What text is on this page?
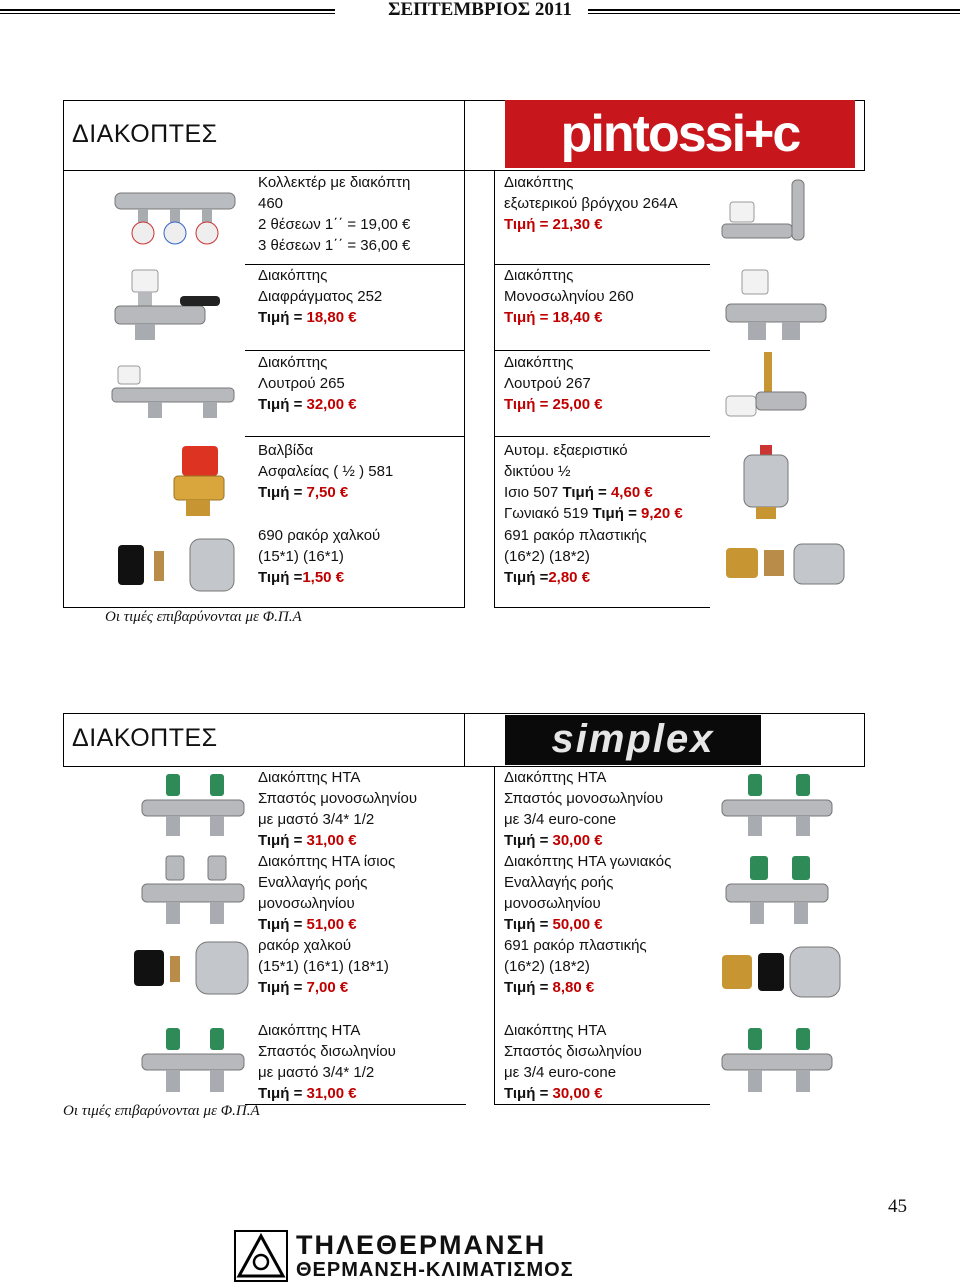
ΣΕΠΤΕΜΒΡΙΟΣ 2011
ΔΙΑΚΟΠΤΕΣ	pintossi+c
Κολλεκτέρ με διακόπτη
460
2 θέσεων 1΄΄ = 19,00 €
3 θέσεων 1΄΄ = 36,00 €
Διακόπτης
Διαφράγματος 252
Τιμή = 18,80 €
Διακόπτης
Λουτρού 265
Τιμή = 32,00 €
Βαλβίδα
Ασφαλείας ( ½ ) 581
Τιμή = 7,50 €
690 ρακόρ χαλκού
(15*1) (16*1)
Τιμή =1,50 €
Διακόπτης
εξωτερικού βρόγχου 264Α
Τιμή = 21,30 €
Διακόπτης
Μονοσωληνίου 260
Τιμή = 18,40 €
Διακόπτης
Λουτρού 267
Τιμή = 25,00 €
Αυτομ. εξαεριστικό
δικτύου ½
Ισιο 507 Τιμή = 4,60 €
Γωνιακό 519 Τιμή = 9,20 €
691 ρακόρ πλαστικής
(16*2) (18*2)
Τιμή =2,80 €
Οι τιμές επιβαρύνονται με Φ.Π.Α
ΔΙΑΚΟΠΤΕΣ	simplex
Διακόπτης ΗΤΑ
Σπαστός μονοσωληνίου
με μαστό 3/4* 1/2
Τιμή = 31,00 €
Διακόπτης ΗΤΑ ίσιος
Εναλλαγής ροής
μονοσωληνίου
Τιμή = 51,00 €
ρακόρ χαλκού
(15*1) (16*1) (18*1)
Τιμή = 7,00 €
Διακόπτης ΗΤΑ
Σπαστός δισωληνίου
με μαστό 3/4* 1/2
Τιμή = 31,00 €
Διακόπτης ΗΤΑ
Σπαστός μονοσωληνίου
με 3/4 euro-cone
Τιμή = 30,00 €
Διακόπτης ΗΤΑ γωνιακός
Εναλλαγής ροής
μονοσωληνίου
Τιμή = 50,00 €
691 ρακόρ πλαστικής
(16*2) (18*2)
Τιμή = 8,80 €
Διακόπτης ΗΤΑ
Σπαστός δισωληνίου
με 3/4 euro-cone
Τιμή = 30,00 €
Οι τιμές επιβαρύνονται με Φ.Π.Α
45
ΤΗΛΕΘΕΡΜΑΝΣΗ
ΘΕΡΜΑΝΣΗ-ΚΛΙΜΑΤΙΣΜΟΣ
